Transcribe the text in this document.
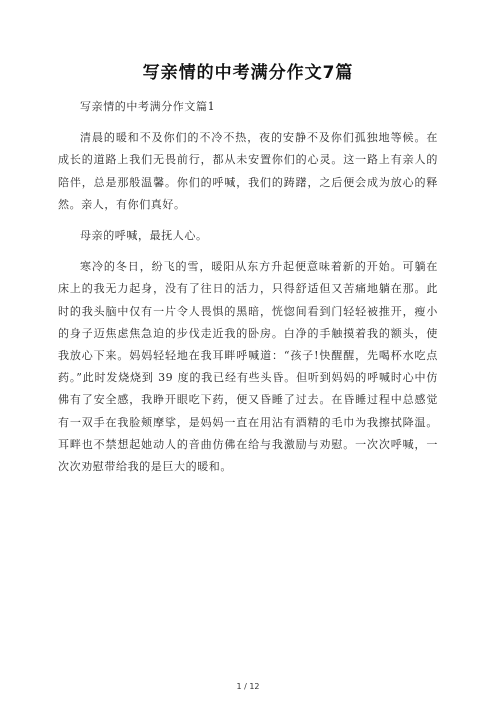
写亲情的中考满分作文7篇

写亲情的中考满分作文篇1

清晨的暖和不及你们的不冷不热，夜的安静不及你们孤独地等候。在成长的道路上我们无畏前行，都从未安置你们的心灵。这一路上有亲人的陪伴，总是那般温馨。你们的呼喊，我们的踌躇，之后便会成为放心的释然。亲人，有你们真好。

母亲的呼喊，最抚人心。

寒冷的冬日，纷飞的雪，暖阳从东方升起便意味着新的开始。可躺在床上的我无力起身，没有了往日的活力，只得舒适但又苦痛地躺在那。此时的我头脑中仅有一片令人畏惧的黑暗，恍惚间看到门轻轻被推开，瘦小的身子迈焦虑焦急迫的步伐走近我的卧房。白净的手触摸着我的额头，使我放心下来。妈妈轻轻地在我耳畔呼喊道：“孩子!快醒醒，先喝杯水吃点药。”此时发烧烧到 39 度的我已经有些头昏。但听到妈妈的呼喊时心中仿佛有了安全感，我睁开眼吃下药，便又昏睡了过去。在昏睡过程中总感觉有一双手在我脸颊摩挲，是妈妈一直在用沾有酒精的毛巾为我擦拭降温。耳畔也不禁想起她动人的音曲仿佛在给与我激励与劝慰。一次次呼喊，一次次劝慰带给我的是巨大的暖和。

1 / 12
